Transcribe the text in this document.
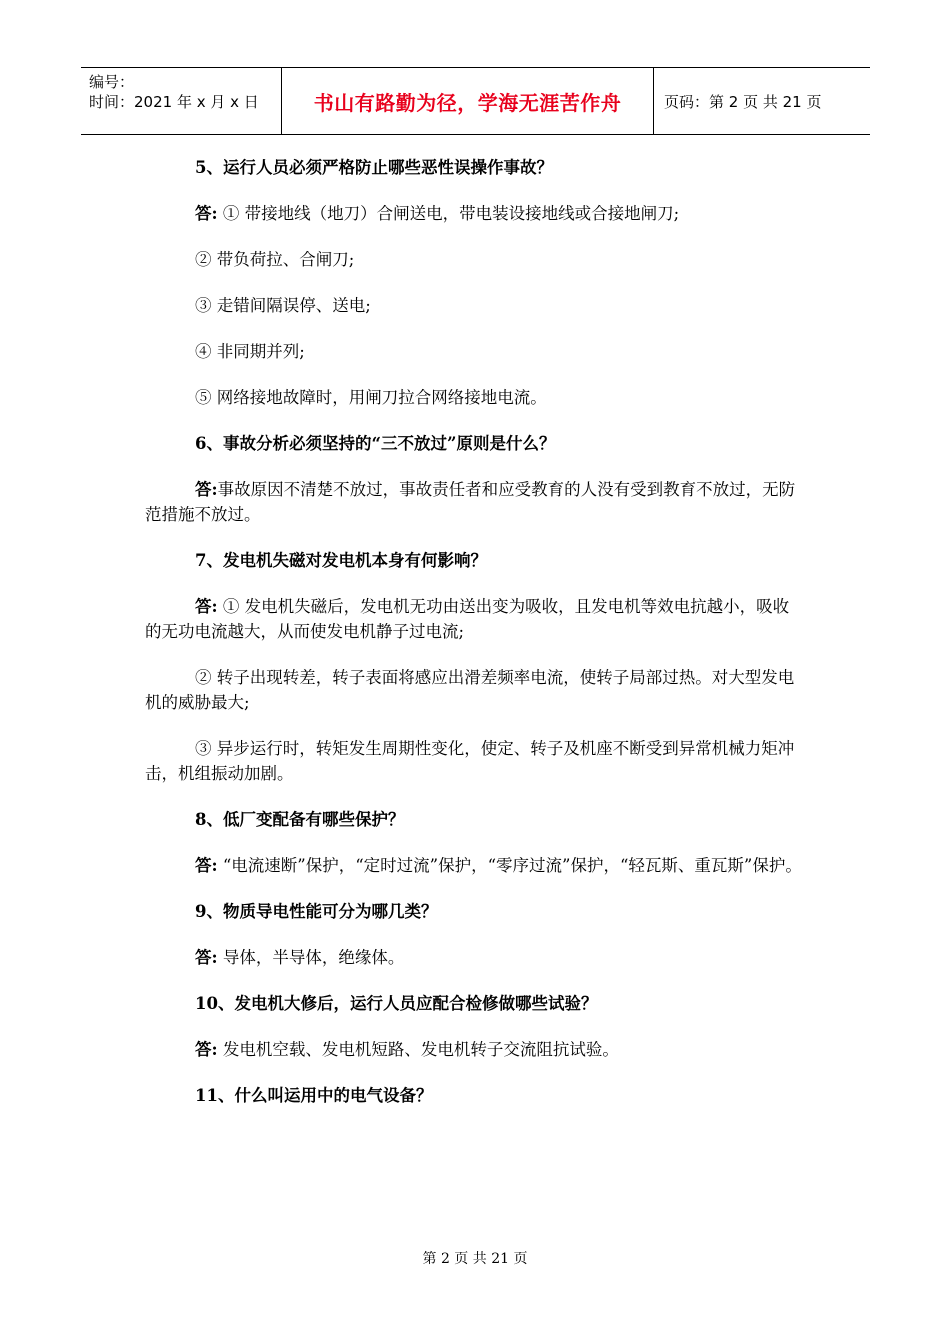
编号：
时间：2021 年 x 月 x 日	书山有路勤为径，学海无涯苦作舟	页码：第 2 页 共 21 页
5、运行人员必须严格防止哪些恶性误操作事故？
答: ① 带接地线（地刀）合闸送电，带电装设接地线或合接地闸刀;
② 带负荷拉、合闸刀;
③ 走错间隔误停、送电;
④ 非同期并列;
⑤ 网络接地故障时，用闸刀拉合网络接地电流。
6、事故分析必须坚持的“三不放过”原则是什么？
答:事故原因不清楚不放过，事故责任者和应受教育的人没有受到教育不放过，无防范措施不放过。
7、发电机失磁对发电机本身有何影响？
答: ① 发电机失磁后，发电机无功由送出变为吸收，且发电机等效电抗越小，吸收的无功电流越大，从而使发电机静子过电流;
② 转子出现转差，转子表面将感应出滑差频率电流，使转子局部过热。对大型发电机的威胁最大;
③ 异步运行时，转矩发生周期性变化，使定、转子及机座不断受到异常机械力矩冲击，机组振动加剧。
8、低厂变配备有哪些保护？
答: “电流速断”保护，“定时过流”保护，“零序过流”保护，“轻瓦斯、重瓦斯”保护。
9、物质导电性能可分为哪几类？
答: 导体，半导体，绝缘体。
10、发电机大修后，运行人员应配合检修做哪些试验？
答: 发电机空载、发电机短路、发电机转子交流阻抗试验。
11、什么叫运用中的电气设备？
第 2 页 共 21 页
